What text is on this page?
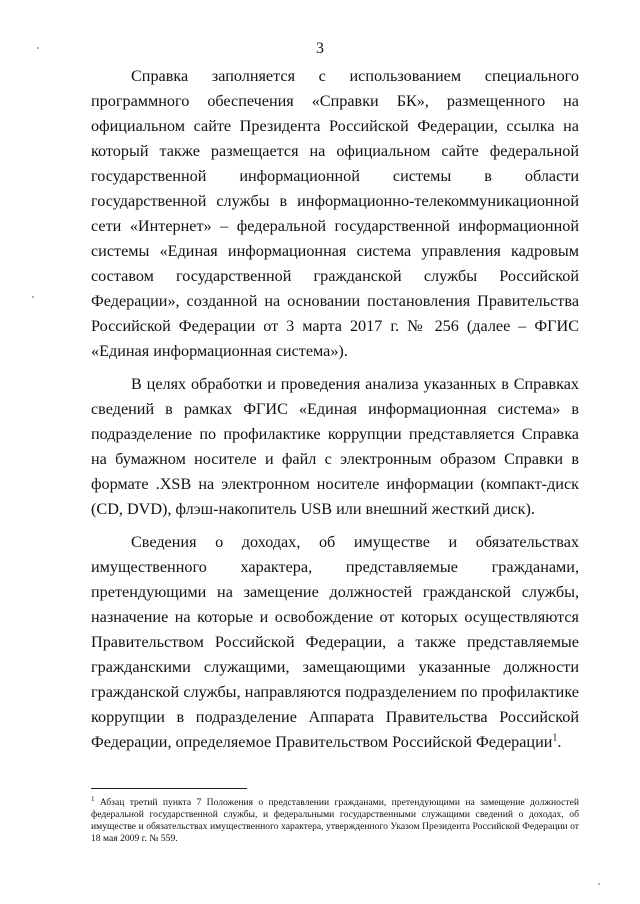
3

Справка заполняется с использованием специального программного обеспечения «Справки БК», размещенного на официальном сайте Президента Российской Федерации, ссылка на который также размещается на официальном сайте федеральной государственной информационной системы в области государственной службы в информационно-телекоммуникационной сети «Интернет» – федеральной государственной информационной системы «Единая информационная система управления кадровым составом государственной гражданской службы Российской Федерации», созданной на основании постановления Правительства Российской Федерации от 3 марта 2017 г. № 256 (далее – ФГИС «Единая информационная система»).

В целях обработки и проведения анализа указанных в Справках сведений в рамках ФГИС «Единая информационная система» в подразделение по профилактике коррупции представляется Справка на бумажном носителе и файл с электронным образом Справки в формате .XSB на электронном носителе информации (компакт-диск (CD, DVD), флэш-накопитель USB или внешний жесткий диск).

Сведения о доходах, об имуществе и обязательствах имущественного характера, представляемые гражданами, претендующими на замещение должностей гражданской службы, назначение на которые и освобождение от которых осуществляются Правительством Российской Федерации, а также представляемые гражданскими служащими, замещающими указанные должности гражданской службы, направляются подразделением по профилактике коррупции в подразделение Аппарата Правительства Российской Федерации, определяемое Правительством Российской Федерации$^1$.

$^1$ Абзац третий пункта 7 Положения о представлении гражданами, претендующими на замещение должностей федеральной государственной службы, и федеральными государственными служащими сведений о доходах, об имуществе и обязательствах имущественного характера, утвержденного Указом Президента Российской Федерации от 18 мая 2009 г. № 559.
